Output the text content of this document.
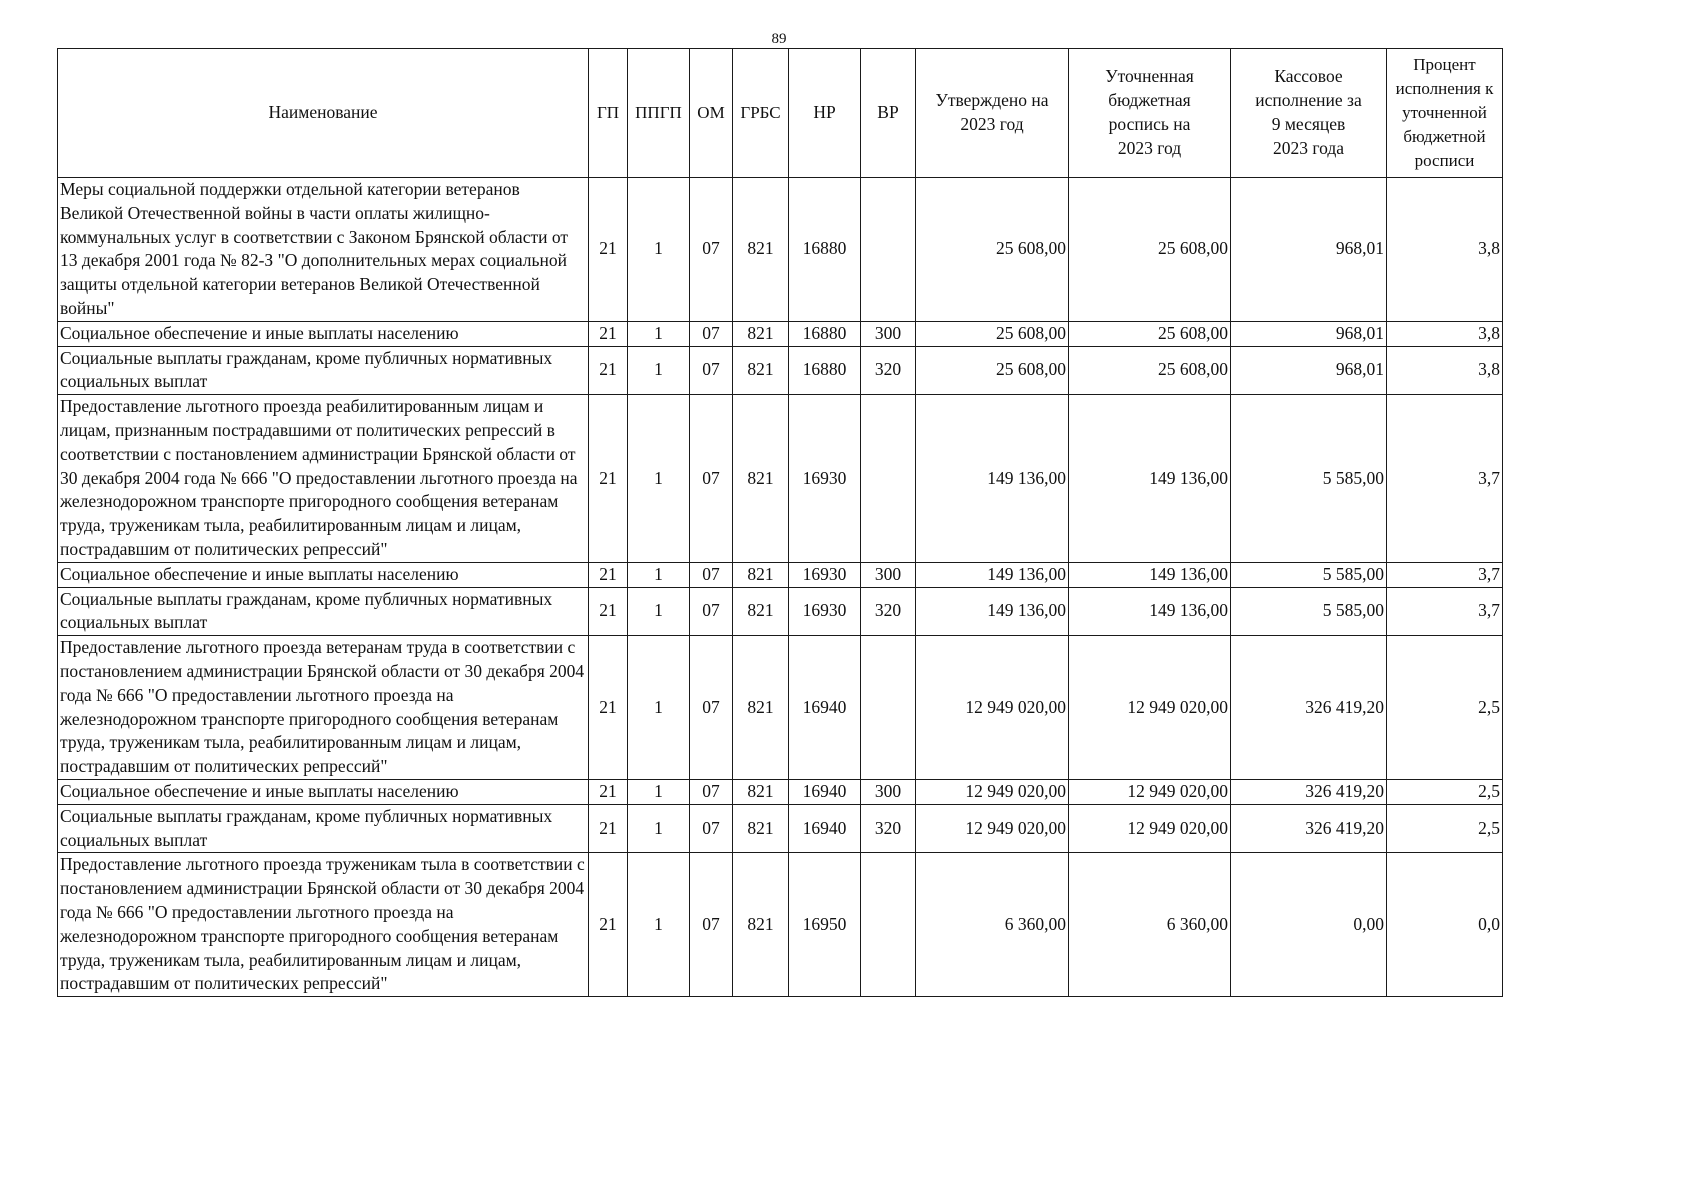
89
Наименование	ГП	ППГП	ОМ	ГРБС	НР	ВР	Утверждено на 2023 год	Уточненная бюджетная роспись на 2023 год	Кассовое исполнение за 9 месяцев 2023 года	Процент исполнения к уточненной бюджетной росписи
Меры социальной поддержки отдельной категории ветеранов Великой Отечественной войны в части оплаты жилищно-коммунальных услуг в соответствии с Законом Брянской области от 13 декабря 2001 года № 82-З "О дополнительных мерах социальной защиты отдельной категории ветеранов Великой Отечественной войны"	21	1	07	821	16880		25 608,00	25 608,00	968,01	3,8
Социальное обеспечение и иные выплаты населению	21	1	07	821	16880	300	25 608,00	25 608,00	968,01	3,8
Социальные выплаты гражданам, кроме публичных нормативных социальных выплат	21	1	07	821	16880	320	25 608,00	25 608,00	968,01	3,8
Предоставление льготного проезда реабилитированным лицам и лицам, признанным пострадавшими от политических репрессий в соответствии с постановлением администрации Брянской области от 30 декабря 2004 года № 666 "О предоставлении льготного проезда на железнодорожном транспорте пригородного сообщения ветеранам труда, труженикам тыла, реабилитированным лицам и лицам, пострадавшим от политических репрессий"	21	1	07	821	16930		149 136,00	149 136,00	5 585,00	3,7
Социальное обеспечение и иные выплаты населению	21	1	07	821	16930	300	149 136,00	149 136,00	5 585,00	3,7
Социальные выплаты гражданам, кроме публичных нормативных социальных выплат	21	1	07	821	16930	320	149 136,00	149 136,00	5 585,00	3,7
Предоставление льготного проезда ветеранам труда в соответствии с постановлением администрации Брянской области от 30 декабря 2004 года № 666 "О предоставлении льготного проезда на железнодорожном транспорте пригородного сообщения ветеранам труда, труженикам тыла, реабилитированным лицам и лицам, пострадавшим от политических репрессий"	21	1	07	821	16940		12 949 020,00	12 949 020,00	326 419,20	2,5
Социальное обеспечение и иные выплаты населению	21	1	07	821	16940	300	12 949 020,00	12 949 020,00	326 419,20	2,5
Социальные выплаты гражданам, кроме публичных нормативных социальных выплат	21	1	07	821	16940	320	12 949 020,00	12 949 020,00	326 419,20	2,5
Предоставление льготного проезда труженикам тыла в соответствии с постановлением администрации Брянской области от 30 декабря 2004 года № 666 "О предоставлении льготного проезда на железнодорожном транспорте пригородного сообщения ветеранам труда, труженикам тыла, реабилитированным лицам и лицам, пострадавшим от политических репрессий"	21	1	07	821	16950		6 360,00	6 360,00	0,00	0,0
